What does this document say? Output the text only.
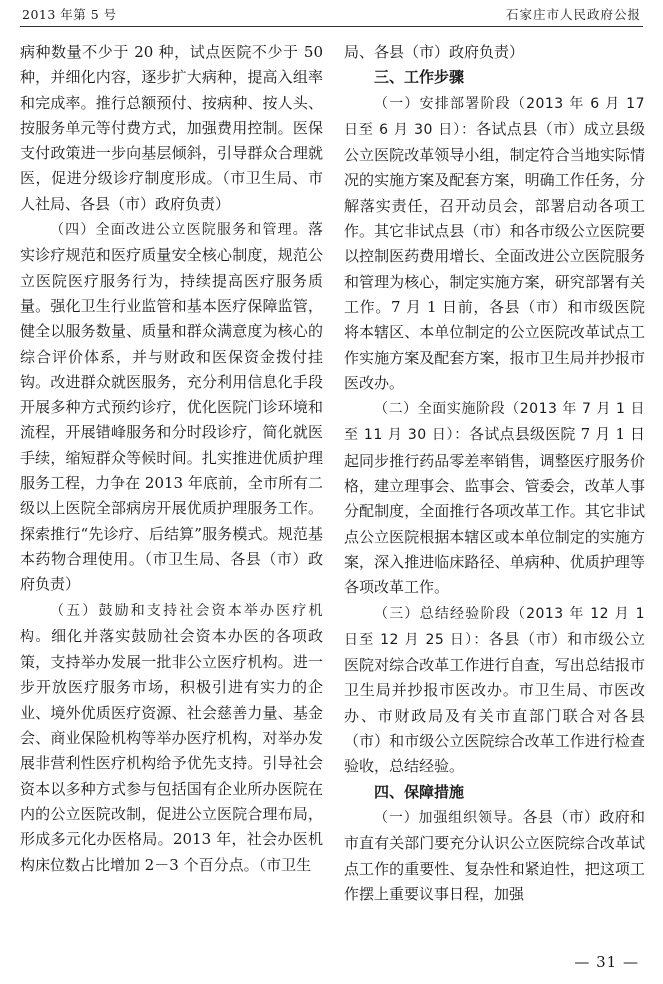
2013 年第 5 号	石家庄市人民政府公报

病种数量不少于 20 种，试点医院不少于 50 种，并细化内容，逐步扩大病种，提高入组率和完成率。推行总额预付、按病种、按人头、按服务单元等付费方式，加强费用控制。医保支付政策进一步向基层倾斜，引导群众合理就医，促进分级诊疗制度形成。（市卫生局、市人社局、各县（市）政府负责）

（四）全面改进公立医院服务和管理。落实诊疗规范和医疗质量安全核心制度，规范公立医院医疗服务行为，持续提高医疗服务质量。强化卫生行业监管和基本医疗保障监管，健全以服务数量、质量和群众满意度为核心的综合评价体系，并与财政和医保资金拨付挂钩。改进群众就医服务，充分利用信息化手段开展多种方式预约诊疗，优化医院门诊环境和流程，开展错峰服务和分时段诊疗，简化就医手续，缩短群众等候时间。扎实推进优质护理服务工程，力争在 2013 年底前，全市所有二级以上医院全部病房开展优质护理服务工作。探索推行“先诊疗、后结算”服务模式。规范基本药物合理使用。（市卫生局、各县（市）政府负责）

（五）鼓励和支持社会资本举办医疗机构。细化并落实鼓励社会资本办医的各项政策，支持举办发展一批非公立医疗机构。进一步开放医疗服务市场，积极引进有实力的企业、境外优质医疗资源、社会慈善力量、基金会、商业保险机构等举办医疗机构，对举办发展非营利性医疗机构给予优先支持。引导社会资本以多种方式参与包括国有企业所办医院在内的公立医院改制，促进公立医院合理布局，形成多元化办医格局。2013 年，社会办医机构床位数占比增加 2－3 个百分点。（市卫生

局、各县（市）政府负责）

三、工作步骤

（一）安排部署阶段（2013 年 6 月 17 日至 6 月 30 日）：各试点县（市）成立县级公立医院改革领导小组，制定符合当地实际情况的实施方案及配套方案，明确工作任务，分解落实责任，召开动员会，部署启动各项工作。其它非试点县（市）和各市级公立医院要以控制医药费用增长、全面改进公立医院服务和管理为核心，制定实施方案，研究部署有关工作。7 月 1 日前，各县（市）和市级医院将本辖区、本单位制定的公立医院改革试点工作实施方案及配套方案，报市卫生局并抄报市医改办。

（二）全面实施阶段（2013 年 7 月 1 日至 11 月 30 日）：各试点县级医院 7 月 1 日起同步推行药品零差率销售，调整医疗服务价格，建立理事会、监事会、管委会，改革人事分配制度，全面推行各项改革工作。其它非试点公立医院根据本辖区或本单位制定的实施方案，深入推进临床路径、单病种、优质护理等各项改革工作。

（三）总结经验阶段（2013 年 12 月 1 日至 12 月 25 日）：各县（市）和市级公立医院对综合改革工作进行自查，写出总结报市卫生局并抄报市医改办。市卫生局、市医改办、市财政局及有关市直部门联合对各县（市）和市级公立医院综合改革工作进行检查验收，总结经验。

四、保障措施

（一）加强组织领导。各县（市）政府和市直有关部门要充分认识公立医院综合改革试点工作的重要性、复杂性和紧迫性，把这项工作摆上重要议事日程，加强

— 31 —
